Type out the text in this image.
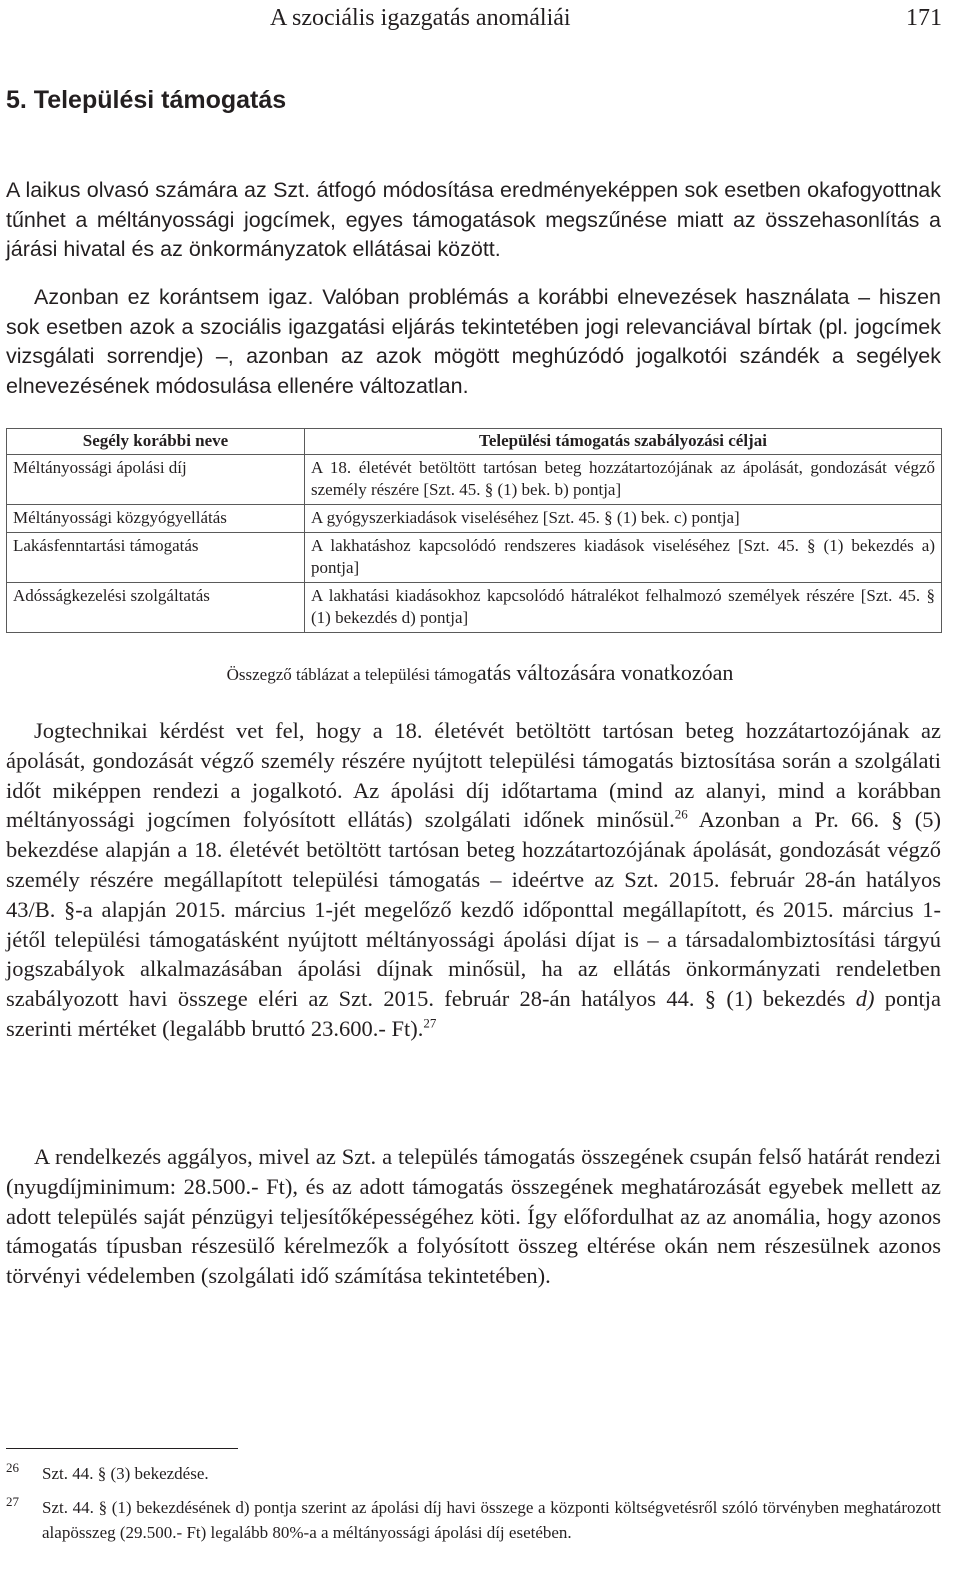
A szociális igazgatás anomáliái	171
5. Települési támogatás

A laikus olvasó számára az Szt. átfogó módosítása eredményeképpen sok esetben okafogyottnak tűnhet a méltányossági jogcímek, egyes támogatások megszűnése miatt az összehasonlítás a járási hivatal és az önkormányzatok ellátásai között.

Azonban ez korántsem igaz. Valóban problémás a korábbi elnevezések használata – hiszen sok esetben azok a szociális igazgatási eljárás tekintetében jogi relevanciával bírtak (pl. jogcímek vizsgálati sorrendje) –, azonban az azok mögött meghúzódó jogalkotói szándék a segélyek elnevezésének módosulása ellenére változatlan.

Segély korábbi neve	Települési támogatás szabályozási céljai
Méltányossági ápolási díj	A 18. életévét betöltött tartósan beteg hozzátartozójának az ápolását, gondozását végző személy részére [Szt. 45. § (1) bek. b) pontja]
Méltányossági közgyógyellátás	A gyógyszerkiadások viseléséhez [Szt. 45. § (1) bek. c) pontja]
Lakásfenntartási támogatás	A lakhatáshoz kapcsolódó rendszeres kiadások viseléséhez [Szt. 45. § (1) bekezdés a) pontja]
Adósságkezelési szolgáltatás	A lakhatási kiadásokhoz kapcsolódó hátralékot felhalmozó személyek részére [Szt. 45. § (1) bekezdés d) pontja]
Összegző táblázat a települési támogatás változására vonatkozóan

Jogtechnikai kérdést vet fel, hogy a 18. életévét betöltött tartósan beteg hozzátartozójának az ápolását, gondozását végző személy részére nyújtott települési támogatás biztosítása során a szolgálati időt miképpen rendezi a jogalkotó. Az ápolási díj időtartama (mind az alanyi, mind a korábban méltányossági jogcímen folyósított ellátás) szolgálati időnek minősül.$^{26}$ Azonban a Pr. 66. § (5) bekezdése alapján a 18. életévét betöltött tartósan beteg hozzátartozójának ápolását, gondozását végző személy részére megállapított települési támogatás – ideértve az Szt. 2015. február 28-án hatályos 43/B. §-a alapján 2015. március 1-jét megelőző kezdő időponttal megállapított, és 2015. március 1-jétől települési támogatásként nyújtott méltányossági ápolási díjat is – a társadalombiztosítási tárgyú jogszabályok alkalmazásában ápolási díjnak minősül, ha az ellátás önkormányzati rendeletben szabályozott havi összege eléri az Szt. 2015. február 28-án hatályos 44. § (1) bekezdés d) pontja szerinti mértéket (legalább bruttó 23.600.- Ft).$^{27}$

A rendelkezés aggályos, mivel az Szt. a település támogatás összegének csupán felső határát rendezi (nyugdíjminimum: 28.500.- Ft), és az adott támogatás összegének meghatározását egyebek mellett az adott település saját pénzügyi teljesítőképességéhez köti. Így előfordulhat az az anomália, hogy azonos támogatás típusban részesülő kérelmezők a folyósított összeg eltérése okán nem részesülnek azonos törvényi védelemben (szolgálati idő számítása tekintetében).

26 Szt. 44. § (3) bekezdése.
27 Szt. 44. § (1) bekezdésének d) pontja szerint az ápolási díj havi összege a központi költségvetésről szóló törvényben meghatározott alapösszeg (29.500.- Ft) legalább 80%-a a méltányossági ápolási díj esetében.
